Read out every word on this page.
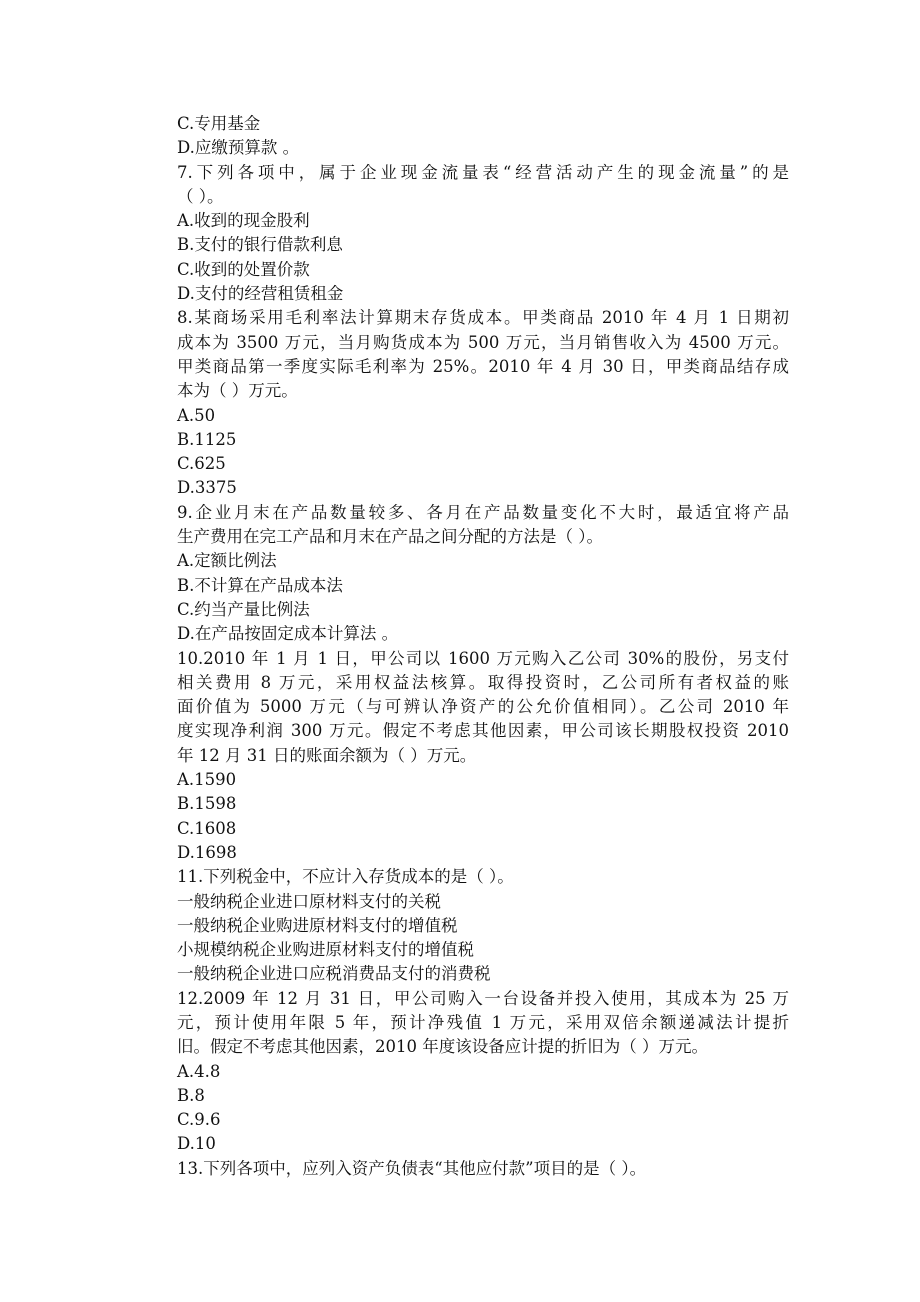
C.专用基金
D.应缴预算款 。
7.下列各项中，属于企业现金流量表“经营活动产生的现金流量”的是
（ ）。
A.收到的现金股利
B.支付的银行借款利息
C.收到的处置价款
D.支付的经营租赁租金
8.某商场采用毛利率法计算期末存货成本。甲类商品 2010 年 4 月 1 日期初
成本为 3500 万元，当月购货成本为 500 万元，当月销售收入为 4500 万元。
甲类商品第一季度实际毛利率为 25%。2010 年 4 月 30 日，甲类商品结存成
本为（ ）万元。
A.50
B.1125
C.625
D.3375
9.企业月末在产品数量较多、各月在产品数量变化不大时，最适宜将产品
生产费用在完工产品和月末在产品之间分配的方法是（ ）。
A.定额比例法
B.不计算在产品成本法
C.约当产量比例法
D.在产品按固定成本计算法 。
10.2010 年 1 月 1 日，甲公司以 1600 万元购入乙公司 30%的股份，另支付
相关费用 8 万元，采用权益法核算。取得投资时，乙公司所有者权益的账
面价值为 5000 万元（与可辨认净资产的公允价值相同）。乙公司 2010 年
度实现净利润 300 万元。假定不考虑其他因素，甲公司该长期股权投资 2010
年 12 月 31 日的账面余额为（ ）万元。
A.1590
B.1598
C.1608
D.1698
11.下列税金中，不应计入存货成本的是（ ）。
一般纳税企业进口原材料支付的关税
一般纳税企业购进原材料支付的增值税
小规模纳税企业购进原材料支付的增值税
一般纳税企业进口应税消费品支付的消费税
12.2009 年 12 月 31 日，甲公司购入一台设备并投入使用，其成本为 25 万
元，预计使用年限 5 年，预计净残值 1 万元，采用双倍余额递减法计提折
旧。假定不考虑其他因素，2010 年度该设备应计提的折旧为（ ）万元。
A.4.8
B.8
C.9.6
D.10
13.下列各项中，应列入资产负债表“其他应付款”项目的是（ ）。
